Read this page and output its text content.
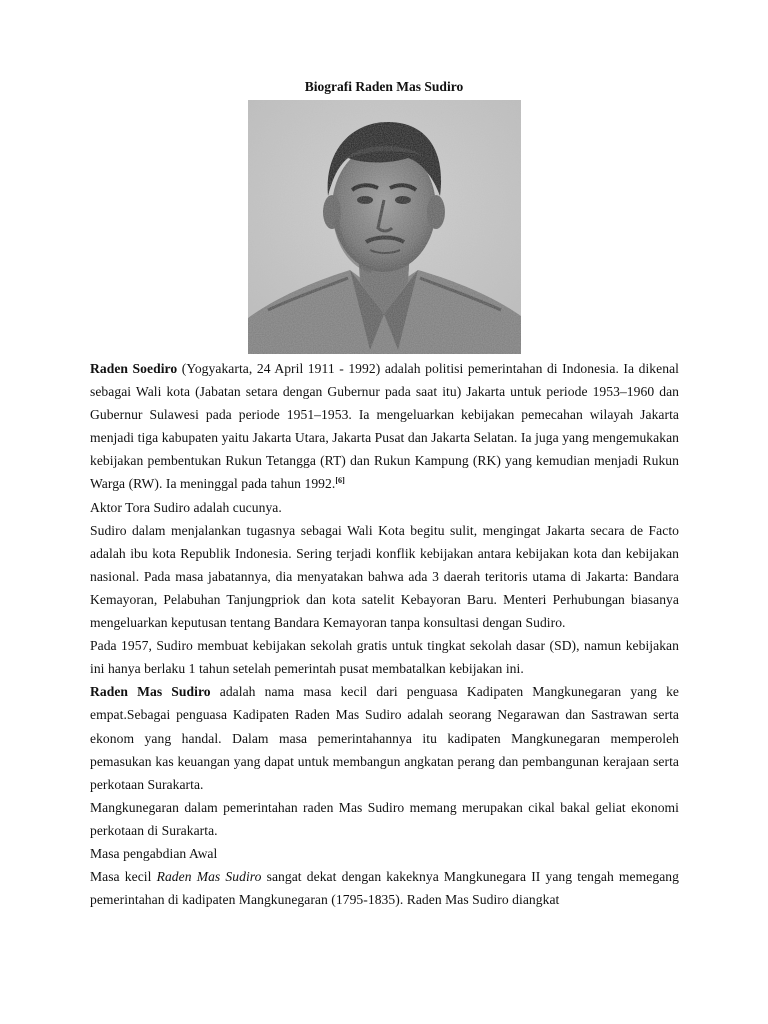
Biografi Raden Mas Sudiro

Raden Soediro (Yogyakarta, 24 April 1911 - 1992) adalah politisi pemerintahan di Indonesia. Ia dikenal sebagai Wali kota (Jabatan setara dengan Gubernur pada saat itu) Jakarta untuk periode 1953–1960 dan Gubernur Sulawesi pada periode 1951–1953. Ia mengeluarkan kebijakan pemecahan wilayah Jakarta menjadi tiga kabupaten yaitu Jakarta Utara, Jakarta Pusat dan Jakarta Selatan. Ia juga yang mengemukakan kebijakan pembentukan Rukun Tetangga (RT) dan Rukun Kampung (RK) yang kemudian menjadi Rukun Warga (RW). Ia meninggal pada tahun 1992.[6]

Aktor Tora Sudiro adalah cucunya.

Sudiro dalam menjalankan tugasnya sebagai Wali Kota begitu sulit, mengingat Jakarta secara de Facto adalah ibu kota Republik Indonesia. Sering terjadi konflik kebijakan antara kebijakan kota dan kebijakan nasional. Pada masa jabatannya, dia menyatakan bahwa ada 3 daerah teritoris utama di Jakarta: Bandara Kemayoran, Pelabuhan Tanjungpriok dan kota satelit Kebayoran Baru. Menteri Perhubungan biasanya mengeluarkan keputusan tentang Bandara Kemayoran tanpa konsultasi dengan Sudiro.

Pada 1957, Sudiro membuat kebijakan sekolah gratis untuk tingkat sekolah dasar (SD), namun kebijakan ini hanya berlaku 1 tahun setelah pemerintah pusat membatalkan kebijakan ini.

Raden Mas Sudiro adalah nama masa kecil dari penguasa Kadipaten Mangkunegaran yang ke empat.Sebagai penguasa Kadipaten Raden Mas Sudiro adalah seorang Negarawan dan Sastrawan serta ekonom yang handal. Dalam masa pemerintahannya itu kadipaten Mangkunegaran memperoleh pemasukan kas keuangan yang dapat untuk membangun angkatan perang dan pembangunan kerajaan serta perkotaan Surakarta.

Mangkunegaran dalam pemerintahan raden Mas Sudiro memang merupakan cikal bakal geliat ekonomi perkotaan di Surakarta.

Masa pengabdian Awal

Masa kecil Raden Mas Sudiro sangat dekat dengan kakeknya Mangkunegara II yang tengah memegang pemerintahan di kadipaten Mangkunegaran (1795-1835). Raden Mas Sudiro diangkat
